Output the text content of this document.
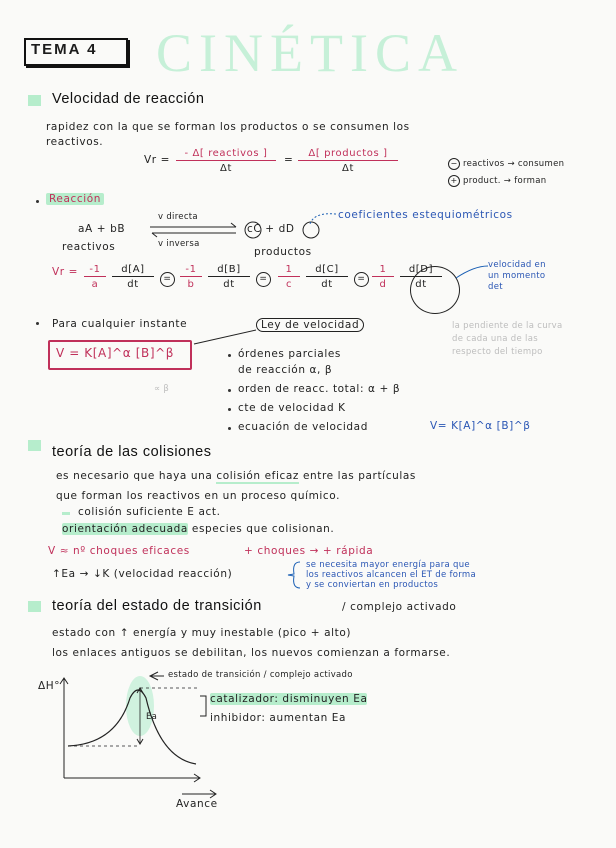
TEMA 4 CINÉTICA
Velocidad de reacción
rapidez con la que se forman los productos o se consumen los
reactivos.
Vr =
- Δ[ reactivos ]
Δt
=
Δ[ productos ]
Δt	− reactivos → consumen
+ product. → forman
Reacción
aA + bB
v directa
v inversa
reactivos
cC + dD
productos
coeficientes estequiométricos
$Vr = \frac{-1}{a} \frac{d[A]}{dt}$	= $\frac{-1}{b} \frac{d[B]}{dt}$	=	$\frac{1}{c} \frac{d[C]}{dt}$	= $\frac{1}{d} \frac{d[D]}{dt}$	velocidad en un momento det
la pendiente de la curva
de cada una de las
respecto del tiempo
Para cualquier instante	Ley de velocidad
V = K[A]^α [B]^β
∝ β
órdenes parciales
de reacción α, β
orden de reacc. total: α + β
cte de velocidad K
ecuación de velocidad	V= K[A]^α [B]^β
teoría de las colisiones
es necesario que haya una colisión eficaz entre las partículas
que forman los reactivos en un proceso químico.
colisión suficiente E act.
orientación adecuada especies que colisionan.
V ≈ nº choques eficaces	+ choques → + rápida
↑Ea → ↓K (velocidad reacción)
se necesita mayor energía para que
los reactivos alcancen el ET de forma
y se conviertan en productos
teoría del estado de transición	/ complejo activado
estado con ↑ energía y muy inestable (pico + alto)
los enlaces antiguos se debilitan, los nuevos comienzan a formarse.
ΔH°
Ea
estado de transición / complejo activado
catalizador: disminuyen Ea
inhibidor: aumentan Ea
Avance
